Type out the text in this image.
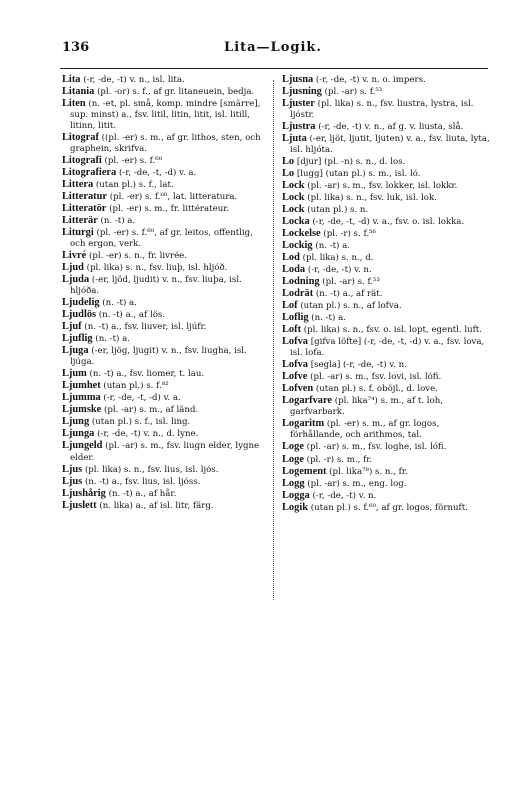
136	Lita—Logik.

Lita (-r, -de, -t) v. n., isl. lita.

Litania (pl. -or) s. f., af gr. litaneuein, bedja.

Liten (n. -et, pl. små, komp. mindre [smärre], sup. minst) a., fsv. litil, litin, litit, isl. litill, litinn, litit.

Litograf ((pl. -er) s. m., af gr. lithos, sten, och graphein, skrifva.

Litografi (pl. -er) s. f.⁶⁰

Litografiera (-r, -de, -t, -d) v. a.

Littera (utan pl.) s. f., lat.

Litteratur (pl. -er) s. f.⁶⁰, lat. litteratura.

Litteratör (pl. -er) s. m., fr. littérateur.

Litterär (n. -t) a.

Liturgi (pl. -er) s. f.⁶⁰, af gr. leitos, offentlig, och ergon, verk.

Livré (pl. -er) s. n., fr. livrée.

Ljud (pl. lika) s. n., fsv. liuþ, isl. hljóð.

Ljuda (-er, ljöd, ljudit) v. n., fsv. liuþa, isl. hljóða.

Ljudelig (n. -t) a.

Ljudlös (n. -t) a., af lös.

Ljuf (n. -t) a., fsv. liuver, isl. ljúfr.

Ljuflig (n. -t) a.

Ljuga (-er, ljög, ljugit) v. n., fsv. liugha, isl. ljúga.

Ljum (n. -t) a., fsv. liomer, t. lau.

Ljumhet (utan pl.) s. f.⁸²

Ljumma (-r, -de, -t, -d) v. a.

Ljumske (pl. -ar) s. m., af länd.

Ljung (utan pl.) s. f., isl. ling.

Ljunga (-r, -de, -t) v. n., d. lyne.

Ljungeld (pl. -ar) s. m., fsv. liugn elder, lygne elder.

Ljus (pl. lika) s. n., fsv. lius, isl. ljós.

Ljus (n. -t) a., fsv. lius, isl. ljóss.

Ljushårig (n. -t) a., af hår.

Ljuslett (n. lika) a., af isl. litr, färg.

Ljusna (-r, -de, -t) v. n. o. impers.

Ljusning (pl. -ar) s. f.⁵³

Ljuster (pl. lika) s. n., fsv. liustra, lystra, isl. ljóstr.

Ljustra (-r, -de, -t) v. n., af g. v. liusta, slå.

Ljuta (-er, ljöt, ljutit, ljuten) v. a., fsv. liuta, lyta, isl. hljóta.

Lo [djur] (pl. -n) s. n., d. los.

Lo [lugg] (utan pl.) s. m., isl. ló.

Lock (pl. -ar) s. m., fsv. lokker, isl. lokkr.

Lock (pl. lika) s. n., fsv. luk, isl. lok.

Lock (utan pl.) s. n.

Locka (-r, -de, -t, -d) v. a., fsv. o. isl. lokka.

Lockelse (pl. -r) s. f.⁵⁶

Lockig (n. -t) a.

Lod (pl. lika) s. n., d.

Loda (-r, -de, -t) v. n.

Lodning (pl. -ar) s. f.⁵³

Lodrät (n. -t) a., af rät.

Lof (utan pl.) s. n., af lofva.

Loflig (n. -t) a.

Loft (pl. lika) s. n., fsv. o. isl. lopt, egentl. luft.

Lofva [gifva löfte] (-r, -de, -t, -d) v. a., fsv. lova, isl. lofa.

Lofva [segla] (-r, -de, -t) v. n.

Lofve (pl. -ar) s. m., fsv. lovi, isl. lófi.

Lofven (utan pl.) s. f. oböjl., d. love.

Logarfvare (pl. lika⁷⁴) s. m., af t. loh, garfvarbark.

Logaritm (pl. -er) s. m., af gr. logos, förhållande, och arithmos, tal.

Loge (pl. -ar) s. m., fsv. loghe, isl. lófi.

Loge (pl. -r) s. m., fr.

Logement (pl. lika⁷⁸) s. n., fr.

Logg (pl. -ar) s. m., eng. log.

Logga (-r, -de, -t) v. n.

Logik (utan pl.) s. f.⁶⁰, af gr. logos, förnuft.
